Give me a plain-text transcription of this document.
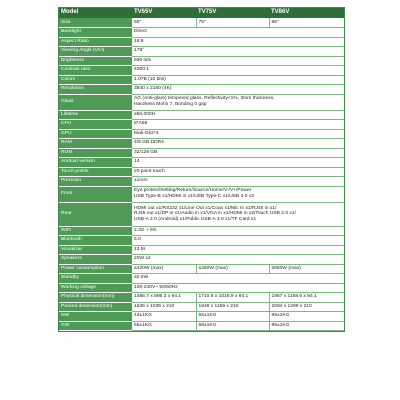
Model	TV65V	TV75V	TV86V
Size	65"	75"	86"
Backlight	Direct		

Aspect Ratio	16:9		

Viewing Angle (V/H)	178°		

Brightness	590 nits		

Contrast ratio	4000:1		

Colors	1.07B (10 bits)		

Resolution	3840 x 2160 (4K)		

Glass	AG (Anti-glare) tempered glass, Reflectivity<1%, 3mm thickness,
Hardness Mohs 7, Bonding 0 gap		

Lifetime	≥50,000H		

CPU	8*A55		

GPU	Mali-G52*4		

RAM	4/8 GB DDR4		

ROM	32/128 GB		

Android version	14		

Touch points	20 point touch		

Precision	±1mm		

Front	Eye protect/Setting/Return/Source/Home/V-/V+/Power
USB Type-B x1/HDMI in x1/USB Type-C x1/USB 3.0 x3		

Rear	HDMI out x1/RS232 x1/Line Out x1/Coax x1/Mic In x1/RJ45 in x1/
RJ45 out x1/DP in x1/Audio in x1/VGA in x1/HDMI in x2/Touch USB 2.0 x1/
USB-A 2.0 (Android) x1/Public USB-A 3.0 x1/TF Card x1		

WIFI	2.4G + 5G		

Bluetooth	5.0		

Visualizer	13 M		

Speakers	20W x2		

Power consumption	≤430W (max)	≤480W (max)	≤650W (max)
Standby	≤0.5W		

Working voltage	100-240V~ 50/60Hz		

Physical dimension(mm)	1488.7 x 895.3 x 94.1	1710.8 x 1018.9 x 94.1	1957 x 1158.6 x 94.1
Packed dimension(mm)	1626 x 1036 x 210	1848 x 1159 x 210	2094 x 1299 x 210
NW	43±1KG	55±1KG	69±1KG
GW	55±1KG	69±1KG	89±1KG
